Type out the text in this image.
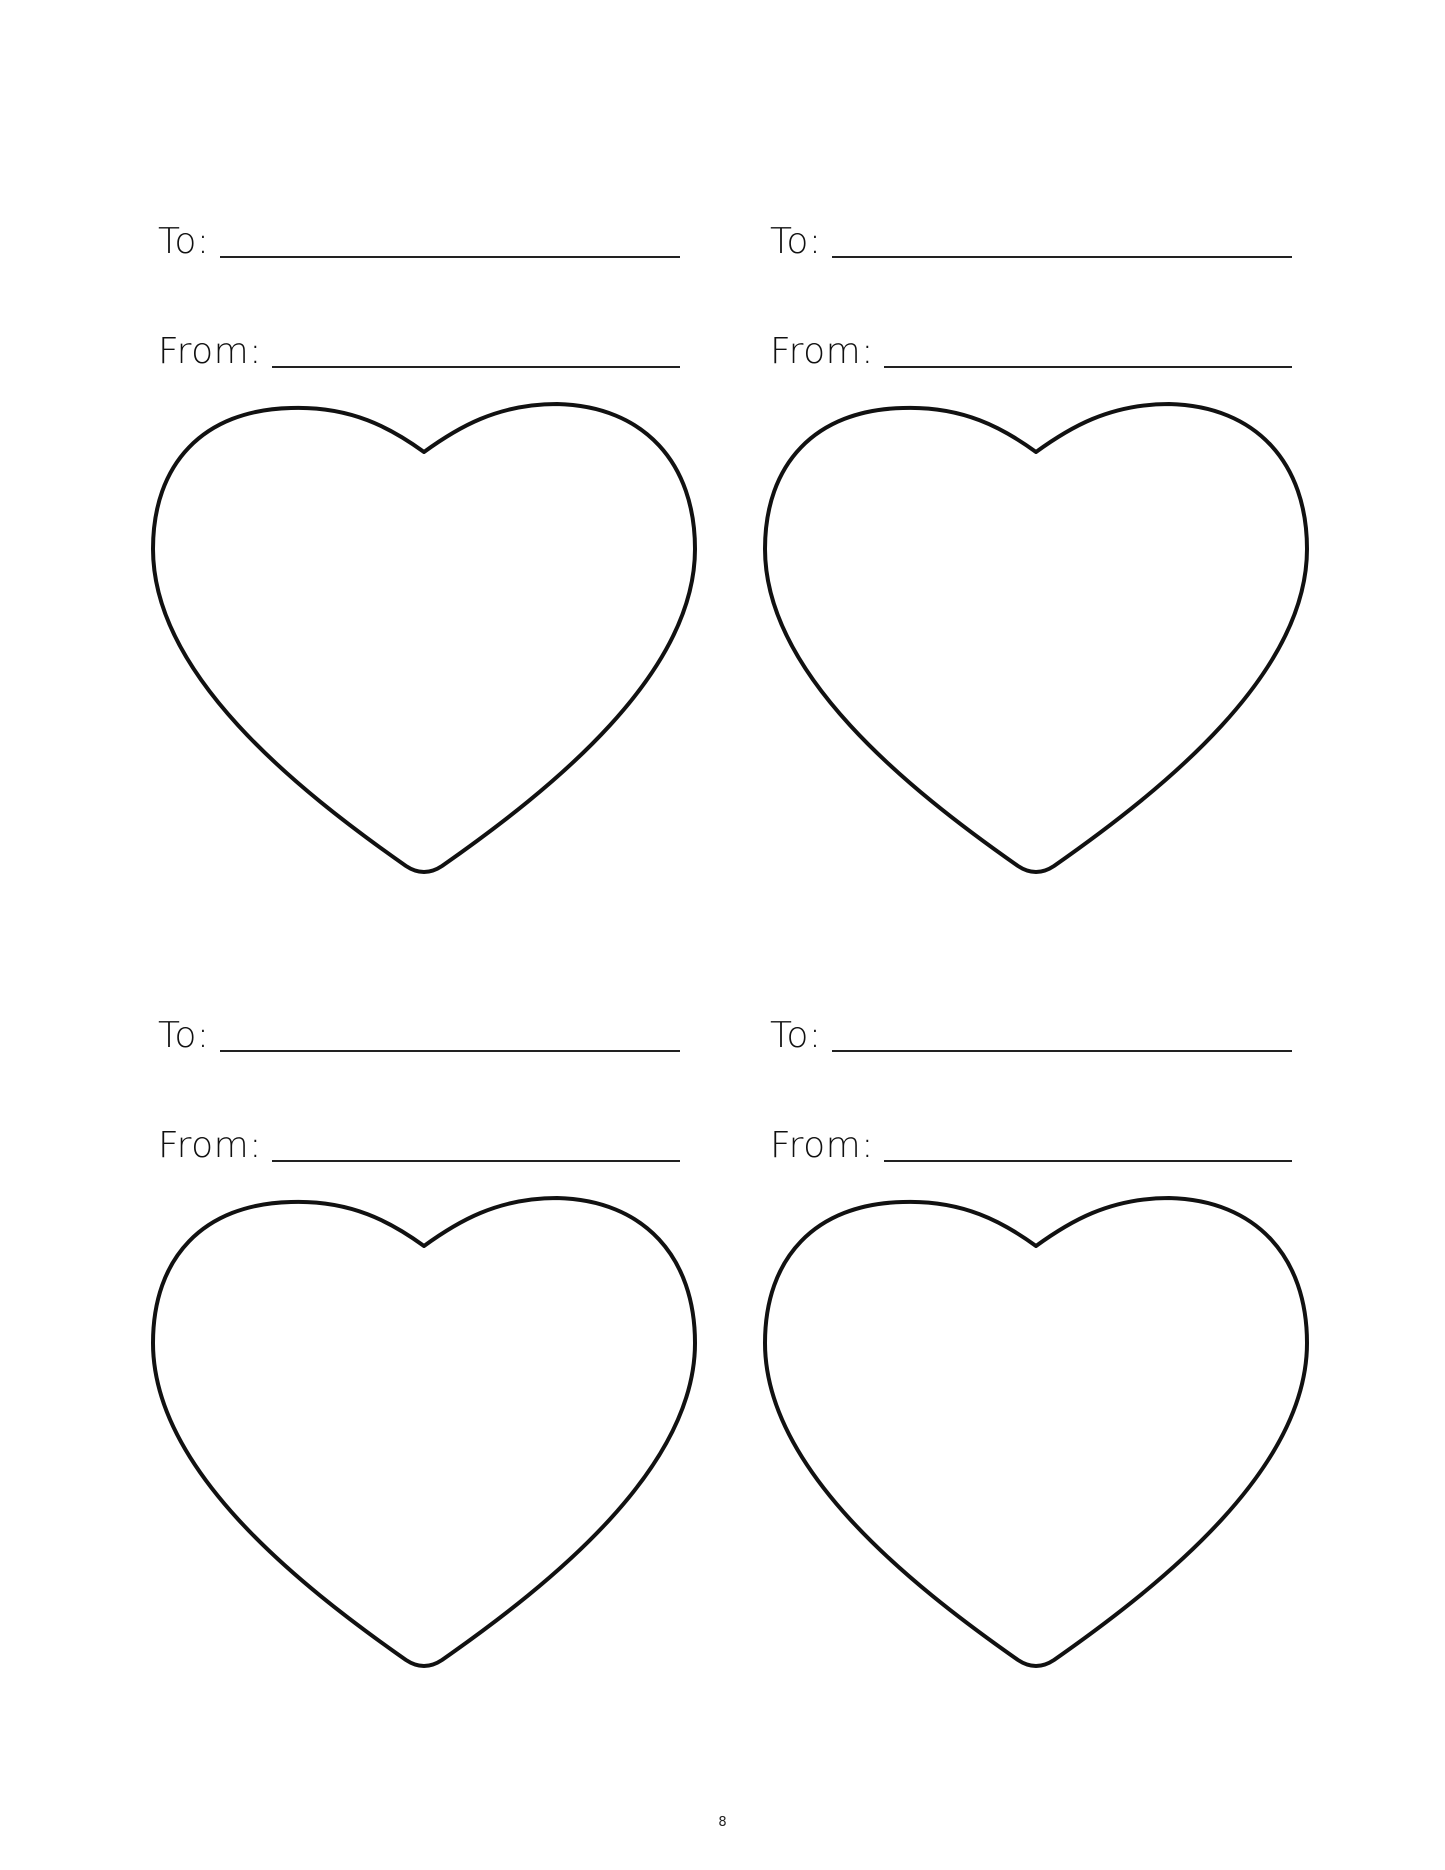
To:
From:
To:
From:
To:
From:
To:
From:
8
